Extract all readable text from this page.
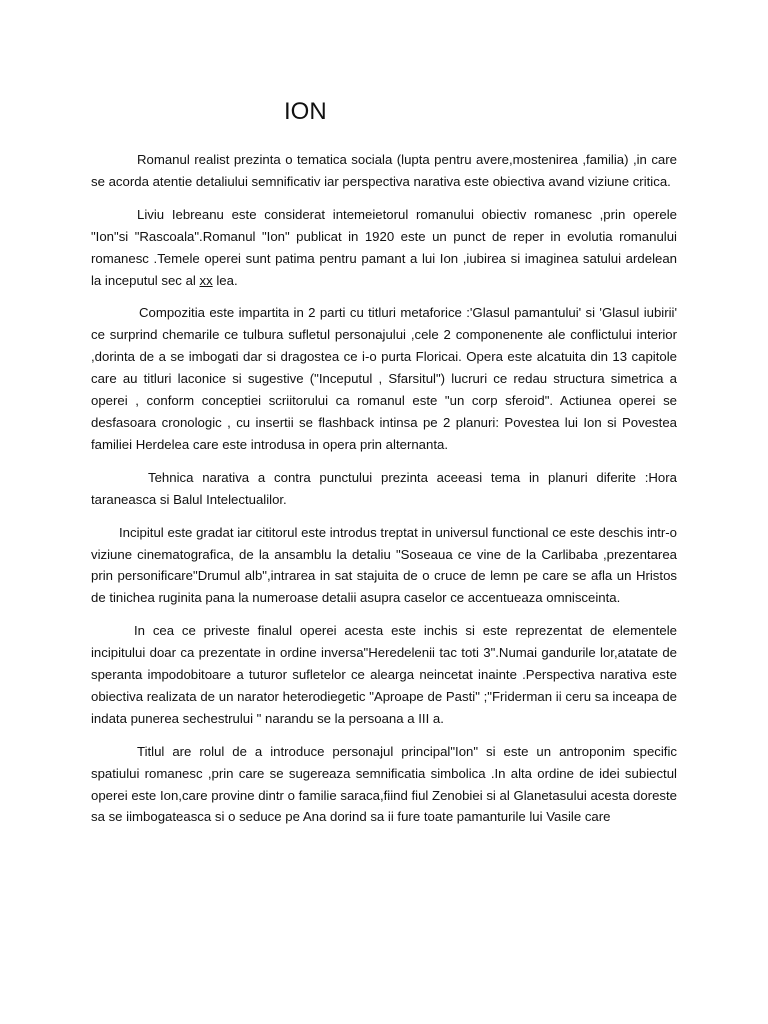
ION

Romanul realist prezinta o tematica sociala (lupta pentru avere,mostenirea ,familia) ,in care se acorda atentie detaliului semnificativ iar perspectiva narativa este obiectiva avand viziune critica.

Liviu Iebreanu este considerat intemeietorul romanului obiectiv romanesc ,prin operele "Ion"si "Rascoala".Romanul "Ion" publicat in 1920 este un punct de reper in evolutia romanului romanesc .Temele operei sunt patima pentru pamant a lui Ion ,iubirea si imaginea satului ardelean la inceputul sec al xx lea.

Compozitia este impartita in 2 parti cu titluri metaforice :'Glasul pamantului' si 'Glasul iubirii' ce surprind chemarile ce tulbura sufletul personajului ,cele 2 componenente ale conflictului interior ,dorinta de a se imbogati dar si dragostea ce i-o purta Floricai. Opera este alcatuita din 13 capitole care au titluri laconice si sugestive ("Inceputul , Sfarsitul") lucruri ce redau structura simetrica a operei , conform conceptiei scriitorului ca romanul este "un corp sferoid". Actiunea operei se desfasoara cronologic , cu insertii se flashback intinsa pe 2 planuri: Povestea lui Ion si Povestea familiei Herdelea care este introdusa in opera prin alternanta.

Tehnica narativa a contra punctului prezinta aceeasi tema in planuri diferite :Hora taraneasca si Balul Intelectualilor.

Incipitul este gradat iar cititorul este introdus treptat in universul functional ce este deschis intr-o viziune cinematografica, de la ansamblu la detaliu "Soseaua ce vine de la Carlibaba ,prezentarea prin personificare"Drumul alb",intrarea in sat stajuita de o cruce de lemn pe care se afla un Hristos de tinichea ruginita pana la numeroase detalii asupra caselor ce accentueaza omnisceinta.

In cea ce priveste finalul operei acesta este inchis si este reprezentat de elementele incipitului doar ca prezentate in ordine inversa"Heredelenii tac toti 3".Numai gandurile lor,atatate de speranta impodobitoare a tuturor sufletelor ce alearga neincetat inainte .Perspectiva narativa este obiectiva realizata de un narator heterodiegetic "Aproape de Pasti" ;"Friderman ii ceru sa inceapa de indata punerea sechestrului " narandu se la persoana a III a.

Titlul are rolul de a introduce personajul principal"Ion" si este un antroponim specific spatiului romanesc ,prin care se sugereaza semnificatia simbolica .In alta ordine de idei subiectul operei este Ion,care provine dintr o familie saraca,fiind fiul Zenobiei si al Glanetasului acesta doreste sa se iimbogateasca si o seduce pe Ana dorind sa ii fure toate pamanturile lui Vasile care
